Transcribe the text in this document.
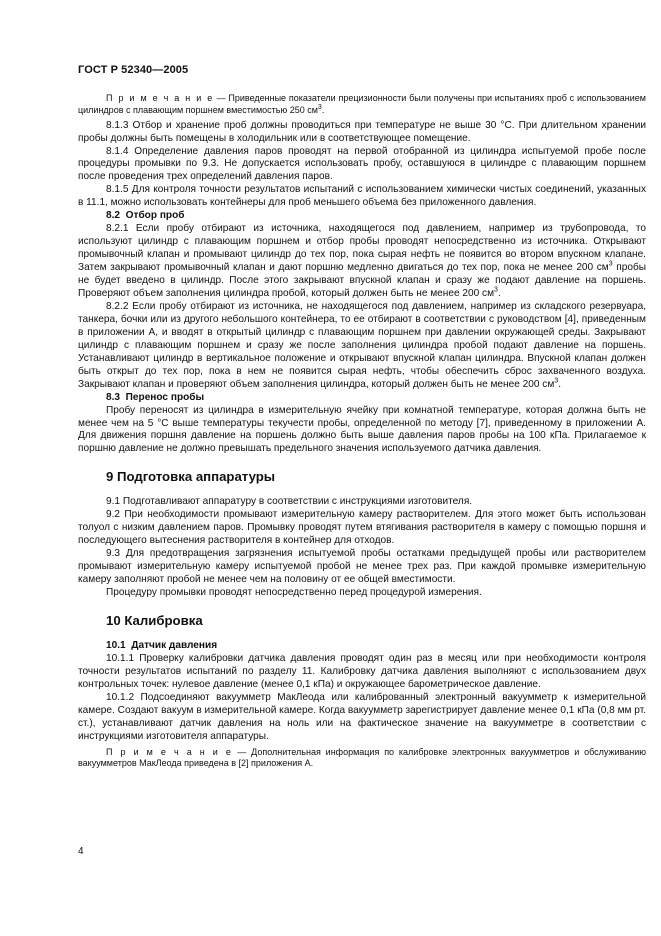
ГОСТ Р 52340—2005

П р и м е ч а н и е — Приведенные показатели прецизионности были получены при испытаниях проб с использованием цилиндров с плавающим поршнем вместимостью 250 $см^3$.

8.1.3 Отбор и хранение проб должны проводиться при температуре не выше 30 °С. При длительном хранении пробы должны быть помещены в холодильник или в соответствующее помещение.

8.1.4 Определение давления паров проводят на первой отобранной из цилиндра испытуемой пробе после процедуры промывки по 9.3. Не допускается использовать пробу, оставшуюся в цилиндре с плавающим поршнем после проведения трех определений давления паров.

8.1.5 Для контроля точности результатов испытаний с использованием химически чистых соединений, указанных в 11.1, можно использовать контейнеры для проб меньшего объема без приложенного давления.

8.2 Отбор проб

8.2.1 Если пробу отбирают из источника, находящегося под давлением, например из трубопровода, то используют цилиндр с плавающим поршнем и отбор пробы проводят непосредственно из источника. Открывают промывочный клапан и промывают цилиндр до тех пор, пока сырая нефть не появится во втором впускном клапане. Затем закрывают промывочный клапан и дают поршню медленно двигаться до тех пор, пока не менее 200 $см^3$ пробы не будет введено в цилиндр. После этого закрывают впускной клапан и сразу же подают давление на поршень. Проверяют объем заполнения цилиндра пробой, который должен быть не менее 200 $см^3$.

8.2.2 Если пробу отбирают из источника, не находящегося под давлением, например из складского резервуара, танкера, бочки или из другого небольшого контейнера, то ее отбирают в соответствии с руководством [4], приведенным в приложении А, и вводят в открытый цилиндр с плавающим поршнем при давлении окружающей среды. Закрывают цилиндр с плавающим поршнем и сразу же после заполнения цилиндра пробой подают давление на поршень. Устанавливают цилиндр в вертикальное положение и открывают впускной клапан цилиндра. Впускной клапан должен быть открыт до тех пор, пока в нем не появится сырая нефть, чтобы обеспечить сброс захваченного воздуха. Закрывают клапан и проверяют объем заполнения цилиндра, который должен быть не менее 200 $см^3$.

8.3 Перенос пробы

Пробу переносят из цилиндра в измерительную ячейку при комнатной температуре, которая должна быть не менее чем на 5 °С выше температуры текучести пробы, определенной по методу [7], приведенному в приложении А. Для движения поршня давление на поршень должно быть выше давления паров пробы на 100 кПа. Прилагаемое к поршню давление не должно превышать предельного значения используемого датчика давления.

9 Подготовка аппаратуры

9.1 Подготавливают аппаратуру в соответствии с инструкциями изготовителя.

9.2 При необходимости промывают измерительную камеру растворителем. Для этого может быть использован толуол с низким давлением паров. Промывку проводят путем втягивания растворителя в камеру с помощью поршня и последующего вытеснения растворителя в контейнер для отходов.

9.3 Для предотвращения загрязнения испытуемой пробы остатками предыдущей пробы или растворителем промывают измерительную камеру испытуемой пробой не менее трех раз. При каждой промывке измерительную камеру заполняют пробой не менее чем на половину от ее общей вместимости.

Процедуру промывки проводят непосредственно перед процедурой измерения.

10 Калибровка

10.1 Датчик давления

10.1.1 Проверку калибровки датчика давления проводят один раз в месяц или при необходимости контроля точности результатов испытаний по разделу 11. Калибровку датчика давления выполняют с использованием двух контрольных точек: нулевое давление (менее 0,1 кПа) и окружающее барометрическое давление.

10.1.2 Подсоединяют вакуумметр МакЛеода или калиброванный электронный вакуумметр к измерительной камере. Создают вакуум в измерительной камере. Когда вакуумметр зарегистрирует давление менее 0,1 кПа (0,8 мм рт. ст.), устанавливают датчик давления на ноль или на фактическое значение на вакуумметре в соответствии с инструкциями изготовителя аппаратуры.

П р и м е ч а н и е — Дополнительная информация по калибровке электронных вакуумметров и обслуживанию вакуумметров МакЛеода приведена в [2] приложения А.

4
